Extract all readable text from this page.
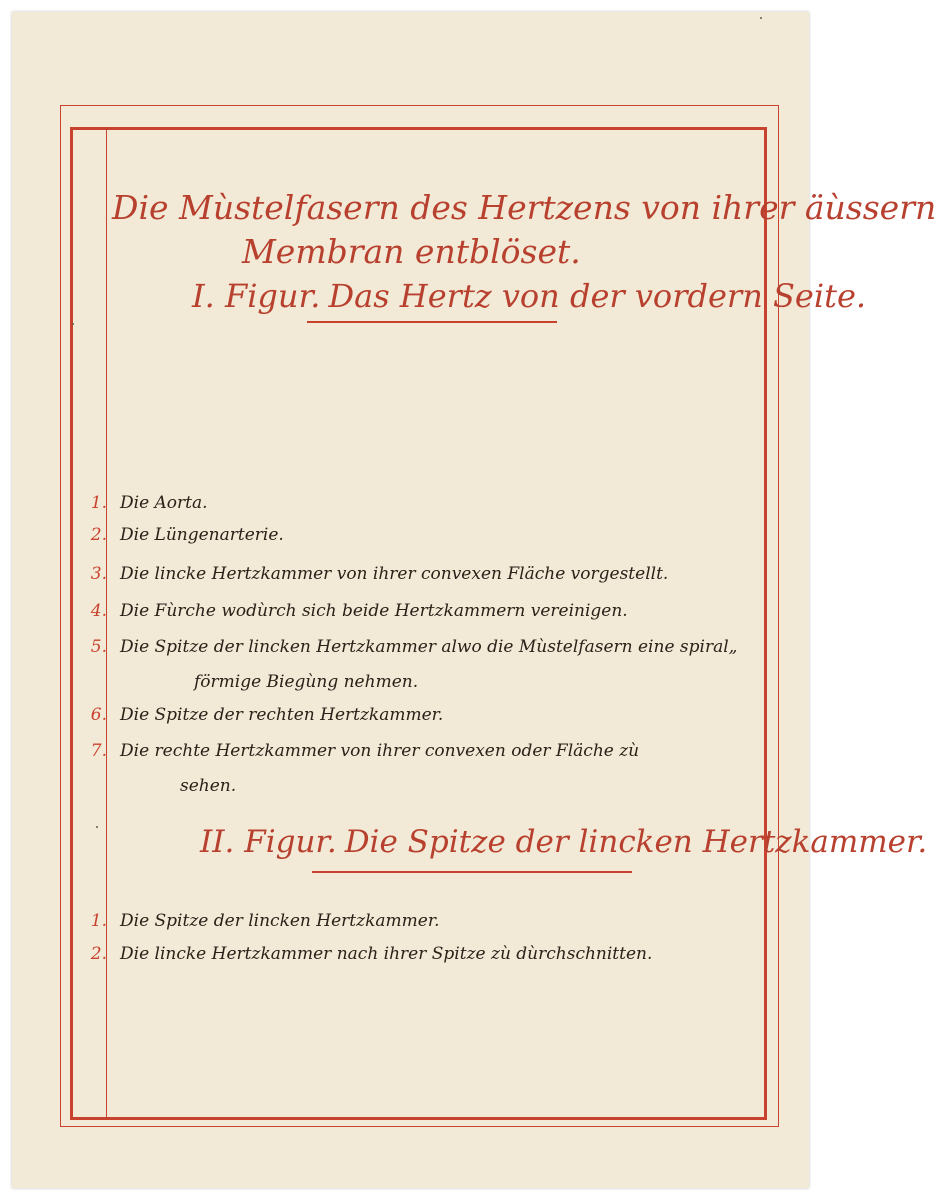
Die Mùstelfasern des Hertzens von ihrer äùssern
Membran entblöset.
I. Figur. Das Hertz von der vordern Seite.
1. Die Aorta.
2. Die Lüngenarterie.
3. Die lincke Hertzkammer von ihrer convexen Fläche vorgestellt.
4. Die Fùrche wodùrch sich beide Hertzkammern vereinigen.
5. Die Spitze der lincken Hertzkammer alwo die Mùstelfasern eine spiral„
förmige Biegùng nehmen.
6. Die Spitze der rechten Hertzkammer.
7. Die rechte Hertzkammer von ihrer convexen oder Fläche zù
sehen.
II. Figur. Die Spitze der lincken Hertzkammer.
1. Die Spitze der lincken Hertzkammer.
2. Die lincke Hertzkammer nach ihrer Spitze zù dùrchschnitten.
